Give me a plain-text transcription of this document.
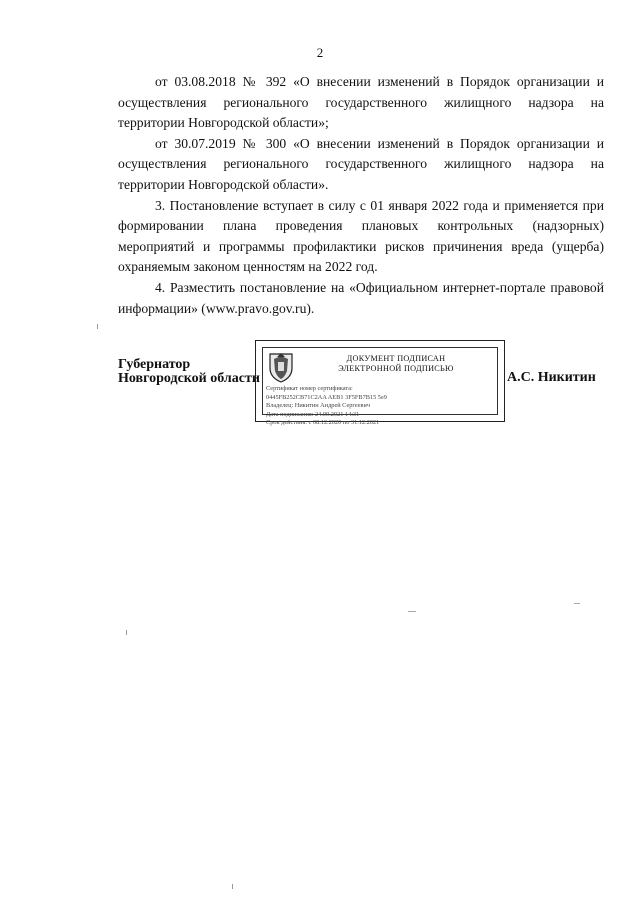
2

от 03.08.2018 № 392 «О внесении изменений в Порядок организации и осуществления регионального государственного жилищного надзора на территории Новгородской области»;

от 30.07.2019 № 300 «О внесении изменений в Порядок организации и осуществления регионального государственного жилищного надзора на территории Новгородской области».

3. Постановление вступает в силу с 01 января 2022 года и применяется при формировании плана проведения плановых контрольных (надзорных) мероприятий и программы профилактики рисков причинения вреда (ущерба) охраняемым законом ценностям на 2022 год.

4. Разместить постановление на «Официальном интернет-портале правовой информации» (www.pravo.gov.ru).

Губернатор
Новгородской области
ДОКУМЕНТ ПОДПИСАН
ЭЛЕКТРОННОЙ ПОДПИСЬЮ
Сертификат номер сертификата:
0445FB252CB71C2AA AEB1 3F5FB7B15 5e9
Владелец: Никитин Андрей Сергеевич
Дата подписания: 24.09.2021 14:31
Срок действия: с 08.12.2020 по 31.12.2021
А.С. Никитин
